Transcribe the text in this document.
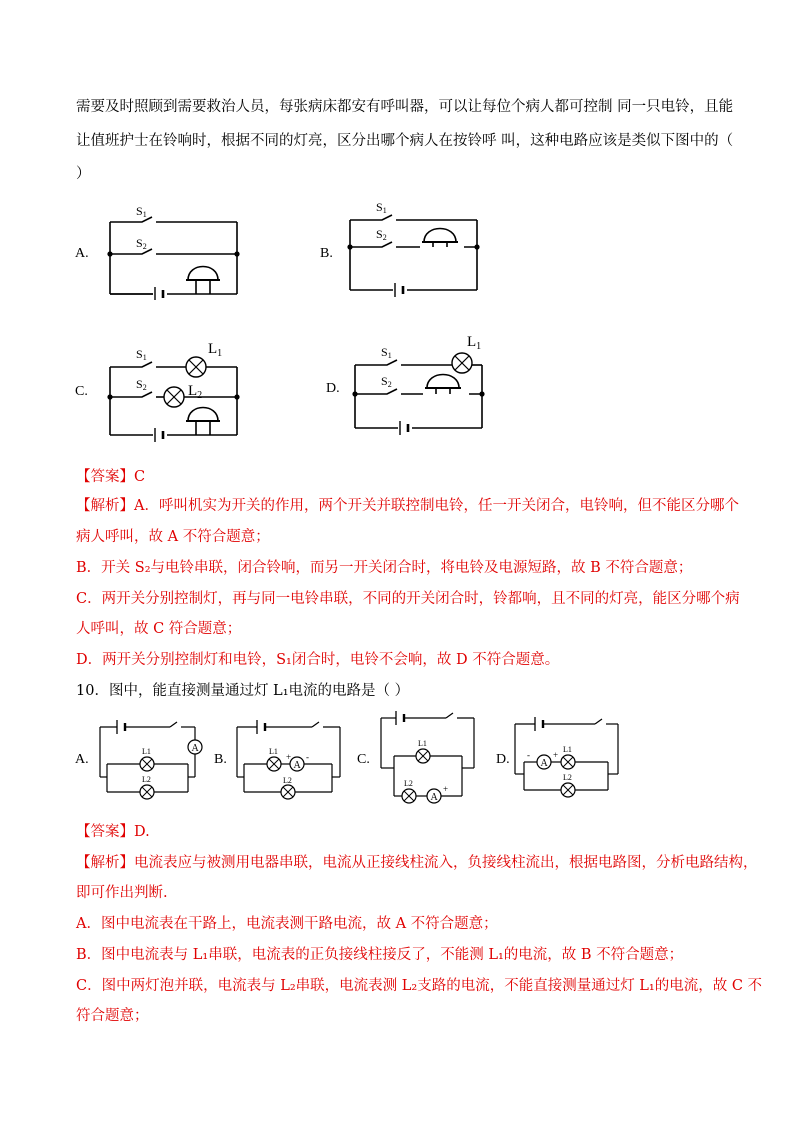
需要及时照顾到需要救治人员，每张病床都安有呼叫器，可以让每位个病人都可控制 同一只电铃，且能
让值班护士在铃响时，根据不同的灯亮，区分出哪个病人在按铃呼 叫，这种电路应该是类似下图中的（
）
A.	B.
C.	D.
S1
S2
S1
S2
S1
S2
$L_1$
$L_2$
S1
S2
$L_1$
【答案】C
【解析】A．呼叫机实为开关的作用，两个开关并联控制电铃，任一开关闭合，电铃响，但不能区分哪个
病人呼叫，故 A 不符合题意；
B．开关 S₂与电铃串联，闭合铃响，而另一开关闭合时，将电铃及电源短路，故 B 不符合题意；
C．两开关分别控制灯，再与同一电铃串联，不同的开关闭合时，铃都响，且不同的灯亮，能区分哪个病
人呼叫，故 C 符合题意；
D．两开关分别控制灯和电铃，S₁闭合时，电铃不会响，故 D 不符合题意。
10．图中，能直接测量通过灯 L₁电流的电路是（ ）
A.	B.	C.	D.
A
L1
L2
A
+ -
L1
L2
A
+
L1
L2
A
-	+
L1
L2
【答案】D.
【解析】电流表应与被测用电器串联，电流从正接线柱流入，负接线柱流出，根据电路图，分析电路结构，
即可作出判断.
A．图中电流表在干路上，电流表测干路电流，故 A 不符合题意；
B．图中电流表与 L₁串联，电流表的正负接线柱接反了，不能测 L₁的电流，故 B 不符合题意；
C．图中两灯泡并联，电流表与 L₂串联，电流表测 L₂支路的电流，不能直接测量通过灯 L₁的电流，故 C 不
符合题意；
